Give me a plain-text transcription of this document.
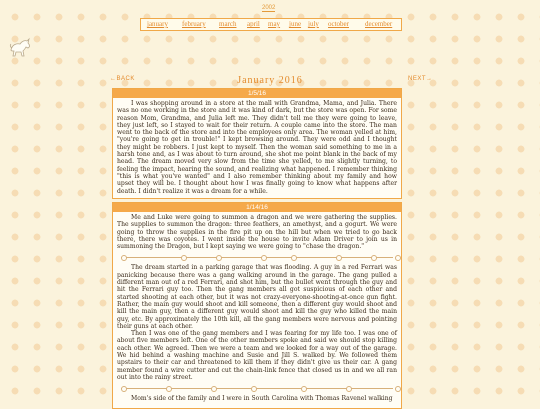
2002
january february march april may june july october december
←BACK	NEXT→
January 2016
1/5/16

I was shopping around in a store at the mall with Grandma, Mama, and Julia. There was no one working in the store and it was kind of dark, but the store was open. For some reason Mom, Grandma, and Julia left me. They didn't tell me they were going to leave, they just left, so I stayed to wait for their return. A couple came into the store. The man went to the back of the store and into the employees only area. The woman yelled at him, "you're going to get in trouble!" I kept browsing around. They were odd and I thought they might be robbers. I just kept to myself. Then the woman said something to me in a harsh tone and, as I was about to turn around, she shot me point blank in the back of my head. The dream moved very slow from the time she yelled, to me slightly turning, to feeling the impact, hearing the sound, and realizing what happened. I remember thinking "this is what you've wanted" and I also remember thinking about my family and how upset they will be. I thought about how I was finally going to know what happens after death. I didn't realize it was a dream for a while.

1/14/16

Me and Luke were going to summon a dragon and we were gathering the supplies. The supplies to summon the dragon: three feathers, an amethyst, and a gogurt. We were going to throw the supplies in the fire pit up on the hill but when we tried to go back there, there was coyotes. I went inside the house to invite Adam Driver to join us in summoning the Dragon, but I kept saying we were going to "chase the dragon."

The dream started in a parking garage that was flooding. A guy in a red Ferrari was panicking because there was a gang walking around in the garage. The gang pulled a different man out of a red Ferrari, and shot him, but the bullet went through the guy and hit the Ferrari guy too. Then the gang members all got suspicious of each other and started shooting at each other, but it was not crazy-everyone-shooting-at-once gun fight. Rather, the main guy would shoot and kill someone, then a different guy would shoot and kill the main guy, then a different guy would shoot and kill the guy who killed the main guy, etc. By approximately the 10th kill, all the gang members were nervous and pointing their guns at each other.

Then I was one of the gang members and I was fearing for my life too. I was one of about five members left. One of the other members spoke and said we should stop killing each other. We agreed. Then we were a team and we looked for a way out of the garage. We hid behind a washing machine and Susie and Jill S. walked by. We followed them upstairs to their car and threatened to kill them if they didn't give us their car. A gang member found a wire cutter and cut the chain-link fence that closed us in and we all ran out into the rainy street.

Mom's side of the family and I were in South Carolina with Thomas Ravenel walking
